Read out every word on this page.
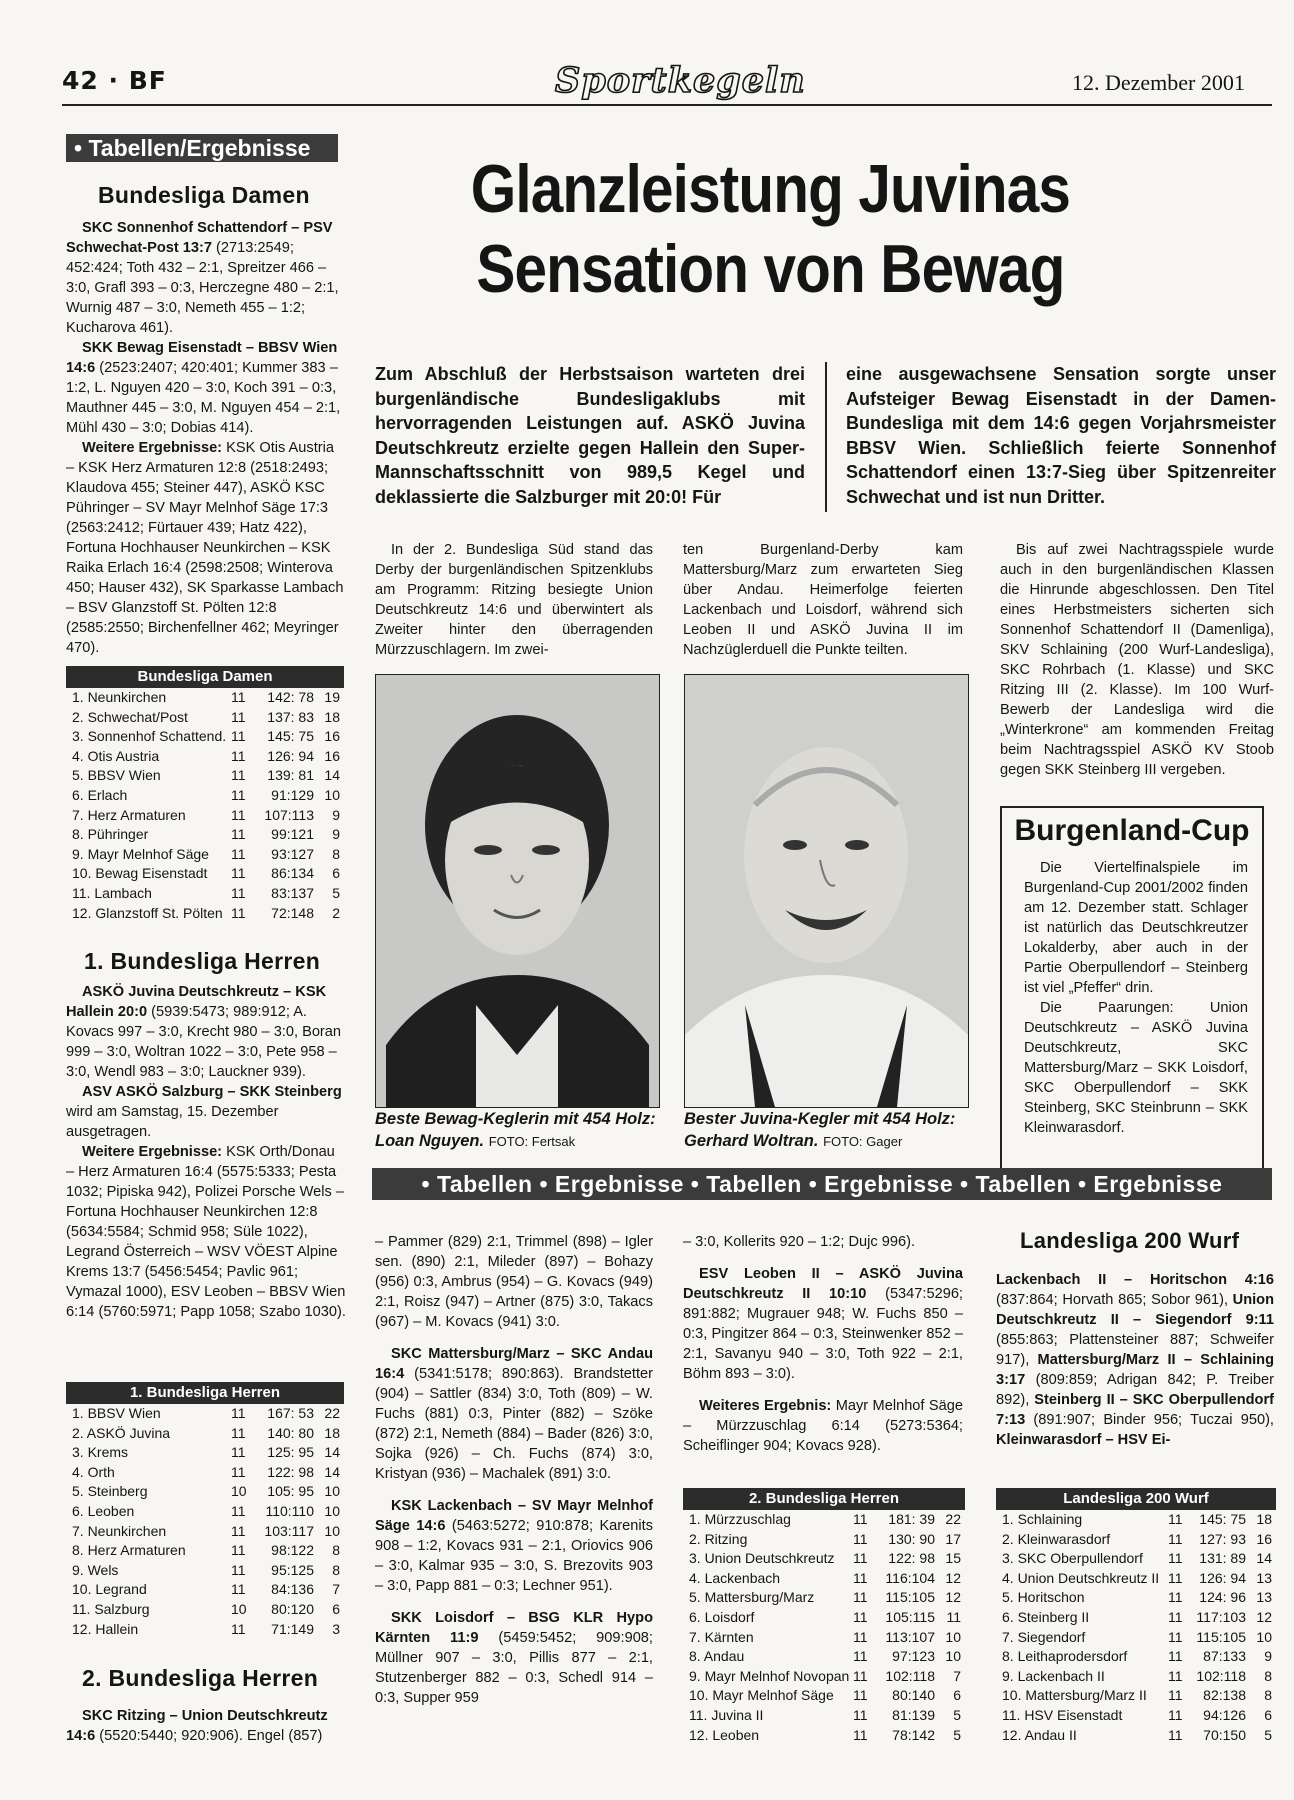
42 · BF	Sportkegeln	12. Dezember 2001
• Tabellen/Ergebnisse
Bundesliga Damen

SKC Sonnenhof Schattendorf – PSV Schwechat-Post 13:7 (2713:2549; 452:424; Toth 432 – 2:1, Spreitzer 466 – 3:0, Grafl 393 – 0:3, Herczegne 480 – 2:1, Wurnig 487 – 3:0, Nemeth 455 – 1:2; Kucharova 461).

SKK Bewag Eisenstadt – BBSV Wien 14:6 (2523:2407; 420:401; Kummer 383 – 1:2, L. Nguyen 420 – 3:0, Koch 391 – 0:3, Mauthner 445 – 3:0, M. Nguyen 454 – 2:1, Mühl 430 – 3:0; Dobias 414).

Weitere Ergebnisse: KSK Otis Austria – KSK Herz Armaturen 12:8 (2518:2493; Klaudova 455; Steiner 447), ASKÖ KSC Pühringer – SV Mayr Melnhof Säge 17:3 (2563:2412; Fürtauer 439; Hatz 422), Fortuna Hochhauser Neunkirchen – KSK Raika Erlach 16:4 (2598:2508; Winterova 450; Hauser 432), SK Sparkasse Lambach – BSV Glanzstoff St. Pölten 12:8 (2585:2550; Birchenfellner 462; Meyringer 470).

Bundesliga Damen
1. Neunkirchen	11 142: 78 19
2. Schwechat/Post	11 137: 83 18
3. Sonnenhof Schattend. 11 145: 75 16
4. Otis Austria	11 126: 94 16
5. BBSV Wien	11 139: 81 14
6. Erlach	11 91:129 10
7. Herz Armaturen	11 107:113 9
8. Pühringer	11 99:121 9
9. Mayr Melnhof Säge 11 93:127 8
10. Bewag Eisenstadt 11 86:134 6
11. Lambach	11 83:137 5
12. Glanzstoff St. Pölten 11 72:148 2
1. Bundesliga Herren

ASKÖ Juvina Deutschkreutz – KSK Hallein 20:0 (5939:5473; 989:912; A. Kovacs 997 – 3:0, Krecht 980 – 3:0, Boran 999 – 3:0, Woltran 1022 – 3:0, Pete 958 – 3:0, Wendl 983 – 3:0; Lauckner 939).

ASV ASKÖ Salzburg – SKK Steinberg wird am Samstag, 15. Dezember ausgetragen.

Weitere Ergebnisse: KSK Orth/Donau – Herz Armaturen 16:4 (5575:5333; Pesta 1032; Pipiska 942), Polizei Porsche Wels – Fortuna Hochhauser Neunkirchen 12:8 (5634:5584; Schmid 958; Süle 1022), Legrand Österreich – WSV VÖEST Alpine Krems 13:7 (5456:5454; Pavlic 961; Vymazal 1000), ESV Leoben – BBSV Wien 6:14 (5760:5971; Papp 1058; Szabo 1030).

1. Bundesliga Herren
1. BBSV Wien	11 167: 53 22
2. ASKÖ Juvina	11 140: 80 18
3. Krems	11 125: 95 14
4. Orth	11 122: 98 14
5. Steinberg	10 105: 95 10
6. Leoben	11 110:110 10
7. Neunkirchen	11 103:117 10
8. Herz Armaturen	11 98:122 8
9. Wels	11 95:125 8
10. Legrand	11 84:136 7
11. Salzburg	10 80:120 6
12. Hallein	11 71:149 3
2. Bundesliga Herren

SKC Ritzing – Union Deutschkreutz 14:6 (5520:5440; 920:906). Engel (857)

Glanzleistung Juvinas
Sensation von Bewag
Zum Abschluß der Herbstsaison warteten drei burgenländische Bundesligaklubs mit hervorragenden Leistungen auf. ASKÖ Juvina Deutschkreutz erzielte gegen Hallein den Super-Mannschaftsschnitt von 989,5 Kegel und deklassierte die Salzburger mit 20:0! Für
eine ausgewachsene Sensation sorgte unser Aufsteiger Bewag Eisenstadt in der Damen-Bundesliga mit dem 14:6 gegen Vorjahrsmeister BBSV Wien. Schließlich feierte Sonnenhof Schattendorf einen 13:7-Sieg über Spitzenreiter Schwechat und ist nun Dritter.

In der 2. Bundesliga Süd stand das Derby der burgenländischen Spitzenklubs am Programm: Ritzing besiegte Union Deutschkreutz 14:6 und überwintert als Zweiter hinter den überragenden Mürzzuschlagern. Im zwei-

ten Burgenland-Derby kam Mattersburg/Marz zum erwarteten Sieg über Andau. Heimerfolge feierten Lackenbach und Loisdorf, während sich Leoben II und ASKÖ Juvina II im Nachzüglerduell die Punkte teilten.

Bis auf zwei Nachtragsspiele wurde auch in den burgenländischen Klassen die Hinrunde abgeschlossen. Den Titel eines Herbstmeisters sicherten sich Sonnenhof Schattendorf II (Damenliga), SKV Schlaining (200 Wurf-Landesliga), SKC Rohrbach (1. Klasse) und SKC Ritzing III (2. Klasse). Im 100 Wurf-Bewerb der Landesliga wird die „Winterkrone“ am kommenden Freitag beim Nachtragsspiel ASKÖ KV Stoob gegen SKK Steinberg III vergeben.

Beste Bewag-Keglerin mit 454 Holz: Loan Nguyen. FOTO: Fertsak
Bester Juvina-Kegler mit 454 Holz: Gerhard Woltran. FOTO: Gager
Burgenland-Cup

Die Viertelfinalspiele im Burgenland-Cup 2001/2002 finden am 12. Dezember statt. Schlager ist natürlich das Deutschkreutzer Lokalderby, aber auch in der Partie Oberpullendorf – Steinberg ist viel „Pfeffer“ drin.

Die Paarungen: Union Deutschkreutz – ASKÖ Juvina Deutschkreutz, SKC Mattersburg/Marz – SKK Loisdorf, SKC Oberpullendorf – SKK Steinberg, SKC Steinbrunn – SKK Kleinwarasdorf.

• Tabellen • Ergebnisse • Tabellen • Ergebnisse • Tabellen • Ergebnisse

– Pammer (829) 2:1, Trimmel (898) – Igler sen. (890) 2:1, Mileder (897) – Bohazy (956) 0:3, Ambrus (954) – G. Kovacs (949) 2:1, Roisz (947) – Artner (875) 3:0, Takacs (967) – M. Kovacs (941) 3:0.

SKC Mattersburg/Marz – SKC Andau 16:4 (5341:5178; 890:863). Brandstetter (904) – Sattler (834) 3:0, Toth (809) – W. Fuchs (881) 0:3, Pinter (882) – Szöke (872) 2:1, Nemeth (884) – Bader (826) 3:0, Sojka (926) – Ch. Fuchs (874) 3:0, Kristyan (936) – Machalek (891) 3:0.

KSK Lackenbach – SV Mayr Melnhof Säge 14:6 (5463:5272; 910:878; Karenits 908 – 1:2, Kovacs 931 – 2:1, Oriovics 906 – 3:0, Kalmar 935 – 3:0, S. Brezovits 903 – 3:0, Papp 881 – 0:3; Lechner 951).

SKK Loisdorf – BSG KLR Hypo Kärnten 11:9 (5459:5452; 909:908; Müllner 907 – 3:0, Pillis 877 – 2:1, Stutzenberger 882 – 0:3, Schedl 914 – 0:3, Supper 959

– 3:0, Kollerits 920 – 1:2; Dujc 996).

ESV Leoben II – ASKÖ Juvina Deutschkreutz II 10:10 (5347:5296; 891:882; Mugrauer 948; W. Fuchs 850 – 0:3, Pingitzer 864 – 0:3, Steinwenker 852 – 2:1, Savanyu 940 – 3:0, Toth 922 – 2:1, Böhm 893 – 3:0).

Weiteres Ergebnis: Mayr Melnhof Säge – Mürzzuschlag 6:14 (5273:5364; Scheiflinger 904; Kovacs 928).

2. Bundesliga Herren
1. Mürzzuschlag	11 181: 39 22
2. Ritzing	11 130: 90 17
3. Union Deutschkreutz 11 122: 98 15
4. Lackenbach	11 116:104 12
5. Mattersburg/Marz	11 115:105 12
6. Loisdorf	11 105:115 11
7. Kärnten	11 113:107 10
8. Andau	11 97:123 10
9. Mayr Melnhof Novopan 11 102:118 7
10. Mayr Melnhof Säge 11 80:140 6
11. Juvina II	11 81:139 5
12. Leoben	11 78:142 5
Landesliga 200 Wurf

Lackenbach II – Horitschon 4:16 (837:864; Horvath 865; Sobor 961), Union Deutschkreutz II – Siegendorf 9:11 (855:863; Plattensteiner 887; Schweifer 917), Mattersburg/Marz II – Schlaining 3:17 (809:859; Adrigan 842; P. Treiber 892), Steinberg II – SKC Oberpullendorf 7:13 (891:907; Binder 956; Tuczai 950), Kleinwarasdorf – HSV Ei-

Landesliga 200 Wurf
1. Schlaining	11 145: 75 18
2. Kleinwarasdorf	11 127: 93 16
3. SKC Oberpullendorf 11 131: 89 14
4. Union Deutschkreutz II 11 126: 94 13
5. Horitschon	11 124: 96 13
6. Steinberg II	11 117:103 12
7. Siegendorf	11 115:105 10
8. Leithaprodersdorf	11 87:133 9
9. Lackenbach II	11 102:118 8
10. Mattersburg/Marz II 11 82:138 8
11. HSV Eisenstadt	11 94:126 6
12. Andau II	11 70:150 5
